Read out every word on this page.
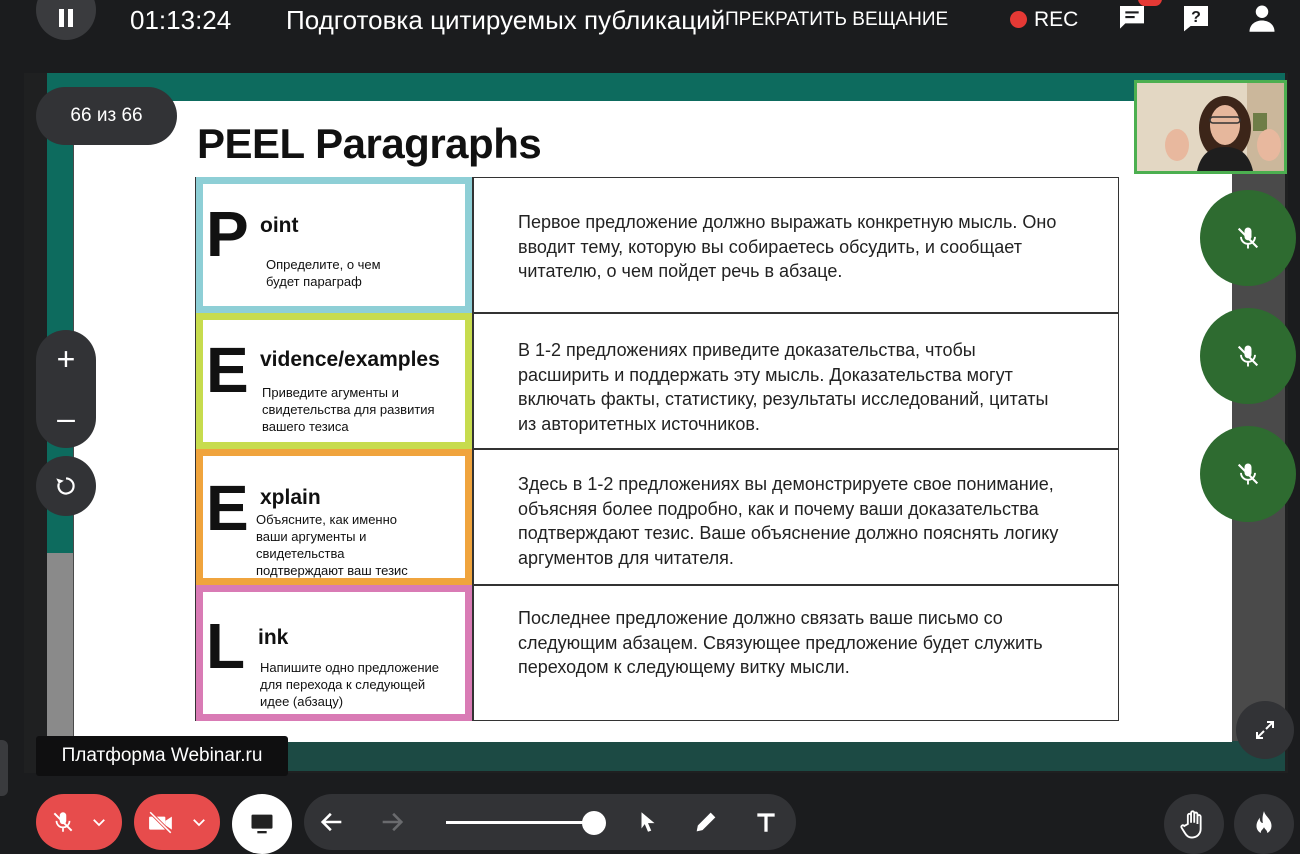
01:13:24 Подготовка цитируемых публикаций ПРЕКРАТИТЬ ВЕЩАНИЕ	REC	?
PEEL Paragraphs
P oint
Определите, о чем будет параграф
Первое предложение должно выражать конкретную мысль. Оно вводит тему, которую вы собираетесь обсудить, и сообщает читателю, о чем пойдет речь в абзаце.
E vidence/examples
Приведите агументы и свидетельства для развития вашего тезиса
В 1-2 предложениях приведите доказательства, чтобы расширить и поддержать эту мысль. Доказательства могут включать факты, статистику, результаты исследований, цитаты из авторитетных источников.
E xplain
Объясните, как именно ваши аргументы и свидетельства подтверждают ваш тезис
Здесь в 1-2 предложениях вы демонстрируете свое понимание, объясняя более подробно, как и почему ваши доказательства подтверждают тезис. Ваше объяснение должно пояснять логику аргументов для читателя.
L ink
Напишите одно предложение для перехода к следующей идее (абзацу)
Последнее предложение должно связать ваше письмо со следующим абзацем. Связующее предложение будет служить переходом к следующему витку мысли.
66 из 66
+
–
Платформа Webinar.ru
